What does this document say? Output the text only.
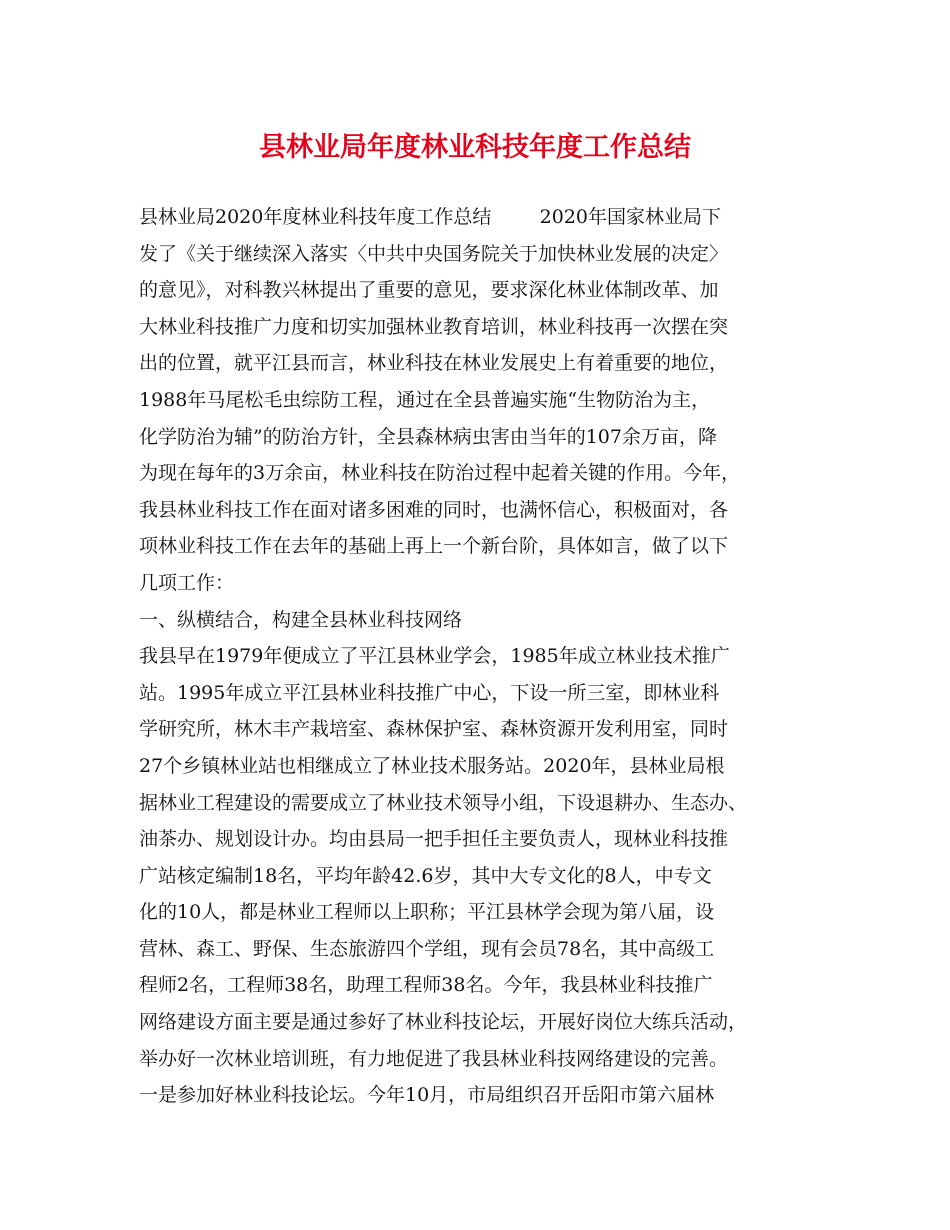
县林业局年度林业科技年度工作总结
县林业局2020年度林业科技年度工作总结        2020年国家林业局下
发了《关于继续深入落实〈中共中央国务院关于加快林业发展的决定〉
的意见》，对科教兴林提出了重要的意见，要求深化林业体制改革、加
大林业科技推广力度和切实加强林业教育培训，林业科技再一次摆在突
出的位置，就平江县而言，林业科技在林业发展史上有着重要的地位，
1988年马尾松毛虫综防工程，通过在全县普遍实施“生物防治为主，
化学防治为辅”的防治方针，全县森林病虫害由当年的107余万亩，降
为现在每年的3万余亩，林业科技在防治过程中起着关键的作用。今年，
我县林业科技工作在面对诸多困难的同时，也满怀信心，积极面对，各
项林业科技工作在去年的基础上再上一个新台阶，具体如言，做了以下
几项工作：
一、纵横结合，构建全县林业科技网络
我县早在1979年便成立了平江县林业学会，1985年成立林业技术推广
站。1995年成立平江县林业科技推广中心，下设一所三室，即林业科
学研究所，林木丰产栽培室、森林保护室、森林资源开发利用室，同时
27个乡镇林业站也相继成立了林业技术服务站。2020年，县林业局根
据林业工程建设的需要成立了林业技术领导小组，下设退耕办、生态办、
油茶办、规划设计办。均由县局一把手担任主要负责人，现林业科技推
广站核定编制18名，平均年龄42.6岁，其中大专文化的8人，中专文
化的10人，都是林业工程师以上职称；平江县林学会现为第八届，设
营林、森工、野保、生态旅游四个学组，现有会员78名，其中高级工
程师2名，工程师38名，助理工程师38名。今年，我县林业科技推广
网络建设方面主要是通过参好了林业科技论坛，开展好岗位大练兵活动，
举办好一次林业培训班，有力地促进了我县林业科技网络建设的完善。
一是参加好林业科技论坛。今年10月，市局组织召开岳阳市第六届林
